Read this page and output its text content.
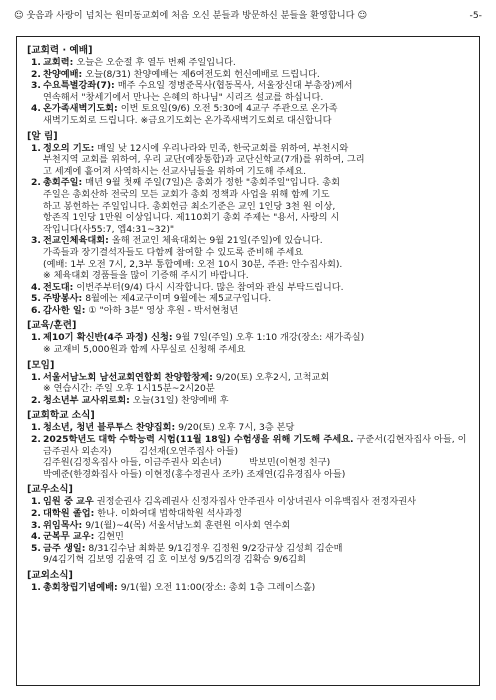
☺ 웃음과 사랑이 넘치는 원미동교회에 처음 오신 분들과 방문하신 분들을 환영합니다 ☺	-5-
[ 교회력 · 예배 ]
1. 교회력: 오늘은 오순절 후 열두 번째 주일입니다.
2. 찬양예배: 오늘(8/31) 찬양예배는 제6여전도회 헌신예배로 드립니다.
3. 수요특별강좌(7): 매주 수요일 정병준목사(협동목사, 서울장신대 부총장)께서
연속해서 "창세기에서 만나는 은혜의 하나님" 시리즈 설교를 하십니다.
4. 온가족새벽기도회: 이번 토요일(9/6) 오전 5:30에 4교구 주관으로 온가족
새벽기도회로 드립니다. ※금요기도회는 온가족새벽기도회로 대신합니다
[ 알 림 ]
1. 정오의 기도: 매일 낮 12시에 우리나라와 민족, 한국교회를 위하여, 부천시와
부천지역 교회를 위하여, 우리 교단(예장통합)과 교단신학교(7개)를 위하여, 그리
고 세계에 흩어져 사역하시는 선교사님들을 위하여 기도해 주세요.
2. 총회주일: 매년 9월 첫째 주일(7일)은 총회가 정한 "총회주일"입니다. 총회
주일은 총회산하 전국의 모든 교회가 총회 정책과 사업을 위해 함께 기도
하고 봉헌하는 주일입니다. 총회헌금 최소기준은 교인 1인당 3천 원 이상,
항존직 1인당 1만원 이상입니다. 제110회기 총회 주제는 "용서, 사랑의 시
작입니다(사55:7, 엡4:31~32)"
3. 전교인체육대회: 올해 전교인 체육대회는 9월 21일(주일)에 있습니다.
가족들과 장기결석자들도 다함께 참여할 수 있도록 준비해 주세요
(예배: 1부 오전 7시, 2,3부 통합예배: 오전 10시 30분, 주관: 안수집사회).
※ 체육대회 경품들을 많이 기증해 주시기 바랍니다.
4. 전도대: 이번주부터(9/4) 다시 시작합니다. 많은 참여와 관심 부탁드립니다.
5. 주방봉사: 8월에는 제4교구이며 9월에는 제5교구입니다.
6. 감사한 일: ① "아하 3분" 영상 후원 - 박서현청년
[ 교육/훈련 ]
1. 제10기 확신반(4주 과정) 신청: 9월 7일(주일) 오후 1:10 개강(장소: 새가족실)
※ 교재비 5,000원과 함께 사무실로 신청해 주세요
[ 모임 ]
1. 서울서남노회 남선교회연합회 찬양합창제: 9/20(토) 오후2시, 고척교회
※ 연습시간: 주일 오후 1시15분~2시20분
2. 청소년부 교사위로회: 오늘(31일) 찬양예배 후
[ 교회학교 소식 ]
1. 청소년, 청년 블루투스 찬양집회: 9/20(토) 오후 7시, 3층 본당
2. 2025학년도 대학 수학능력 시험(11월 18일) 수험생을 위해 기도해 주세요. 구준서(김현자집사 아들, 이금주권사 외손자)　　　김선재(오연주집사 아들)
김주원(김정옥집사 아들, 이금주권사 외손녀)　　　박보민(이현정 친구)
박예준(한경화집사 아들) 이현정(홍수정권사 조카) 조재연(김유경집사 아들)
[ 교우소식 ]
1. 임원 중 교우 권정순권사 김옥례권사 신정자집사 안주권사 이상녀권사 이유백집사 전정자권사
2. 대학원 졸업: 한나. 이화여대 법학대학원 석사과정
3. 위임목사: 9/1(월)~4(목) 서울서남노회 훈련원 이사회 연수회
4. 군복무 교우: 김현민
5. 금주 생일: 8/31김수남 최화분 9/1김정우 김정원 9/2강규상 김성희 김순매
9/4김기혁 김보영 김윤역 김 호 이보성 9/5김의경 김확승 9/6김희
[ 교외소식 ]
1. 총회창립기념예배: 9/1(월) 오전 11:00(장소: 총회 1층 그레이스홀)
